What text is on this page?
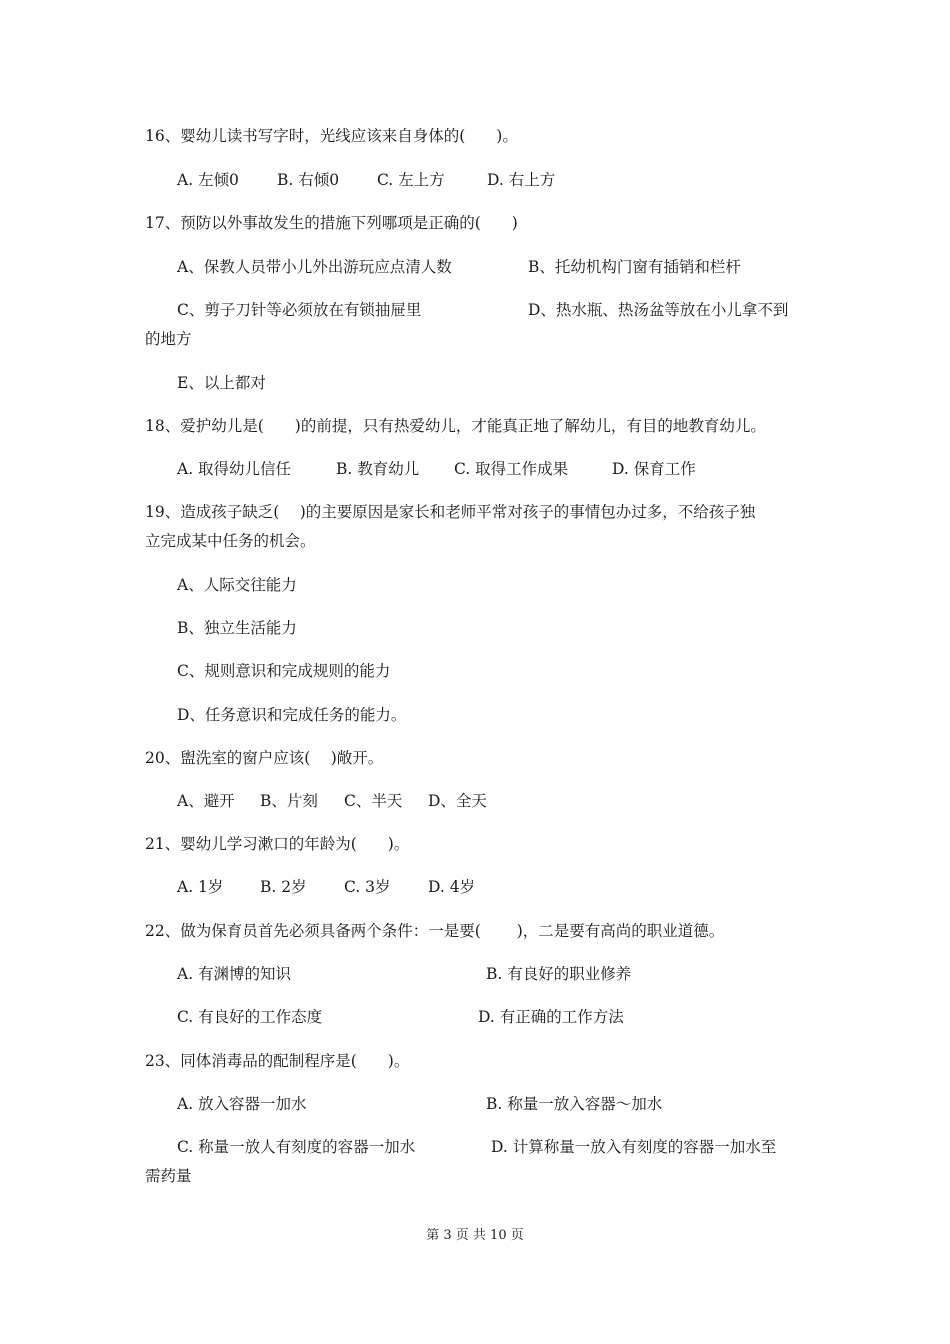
16、婴幼儿读书写字时，光线应该来自身体的(　　)。
A. 左倾0 B. 右倾0 C. 左上方	D. 右上方
17、预防以外事故发生的措施下列哪项是正确的(　　)
A、保教人员带小儿外出游玩应点清人数	B、托幼机构门窗有插销和栏杆
C、剪子刀针等必须放在有锁抽屉里	D、热水瓶、热汤盆等放在小儿拿不到
的地方
E、以上都对
18、爱护幼儿是(　　)的前提，只有热爱幼儿，才能真正地了解幼儿，有目的地教育幼儿。
A. 取得幼儿信任	B. 教育幼儿 C. 取得工作成果	D. 保育工作
19、造成孩子缺乏(　 )的主要原因是家长和老师平常对孩子的事情包办过多，不给孩子独
立完成某中任务的机会。
A、人际交往能力
B、独立生活能力
C、规则意识和完成规则的能力
D、任务意识和完成任务的能力。
20、盥洗室的窗户应该(　 )敞开。
A、避开 B、片刻 C、半天 D、全天
21、婴幼儿学习漱口的年龄为(　　)。
A. 1岁 B. 2岁 C. 3岁 D. 4岁
22、做为保育员首先必须具备两个条件：一是要(　　 )，二是要有高尚的职业道德。
A. 有渊博的知识	B. 有良好的职业修养
C. 有良好的工作态度	D. 有正确的工作方法
23、同体消毒品的配制程序是(　　)。
A. 放入容器一加水	B. 称量一放入容器～加水
C. 称量一放人有刻度的容器一加水	D. 计算称量一放入有刻度的容器一加水至
需药量
第 3 页 共 10 页
